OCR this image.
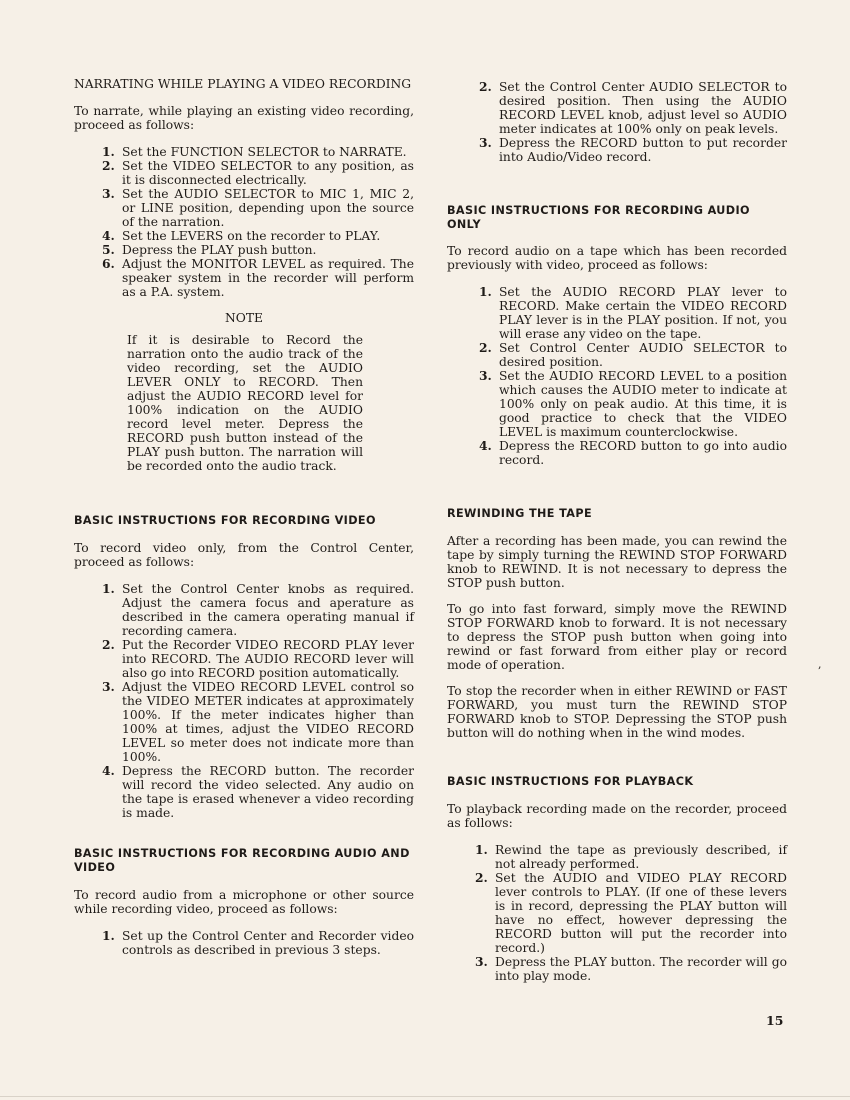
NARRATING WHILE PLAYING A VIDEO RECORDING

To narrate, while playing an existing video recording, proceed as follows:

1. Set the FUNCTION SELECTOR to NARRATE.
2. Set the VIDEO SELECTOR to any position, as it is disconnected electrically.
3. Set the AUDIO SELECTOR to MIC 1, MIC 2, or LINE position, depending upon the source of the narration.
4. Set the LEVERS on the recorder to PLAY.
5. Depress the PLAY push button.
6. Adjust the MONITOR LEVEL as required. The speaker system in the recorder will perform as a P.A. system.
NOTE

If it is desirable to Record the narration onto the audio track of the video recording, set the AUDIO LEVER ONLY to RECORD. Then adjust the AUDIO RECORD level for 100% indication on the AUDIO record level meter. Depress the RECORD push button instead of the PLAY push button. The narration will be recorded onto the audio track.

BASIC INSTRUCTIONS FOR RECORDING VIDEO

To record video only, from the Control Center, proceed as follows:

1. Set the Control Center knobs as required. Adjust the camera focus and aperature as described in the camera operating manual if recording camera.
2. Put the Recorder VIDEO RECORD PLAY lever into RECORD. The AUDIO RECORD lever will also go into RECORD position automatically.
3. Adjust the VIDEO RECORD LEVEL control so the VIDEO METER indicates at approximately 100%. If the meter indicates higher than 100% at times, adjust the VIDEO RECORD LEVEL so meter does not indicate more than 100%.
4. Depress the RECORD button. The recorder will record the video selected. Any audio on the tape is erased whenever a video recording is made.
BASIC INSTRUCTIONS FOR RECORDING AUDIO AND VIDEO

To record audio from a microphone or other source while recording video, proceed as follows:

1. Set up the Control Center and Recorder video controls as described in previous 3 steps.
2. Set the Control Center AUDIO SELECTOR to desired position. Then using the AUDIO RECORD LEVEL knob, adjust level so AUDIO meter indicates at 100% only on peak levels.
3. Depress the RECORD button to put recorder into Audio/Video record.
BASIC INSTRUCTIONS FOR RECORDING AUDIO ONLY

To record audio on a tape which has been recorded previously with video, proceed as follows:

1. Set the AUDIO RECORD PLAY lever to RECORD. Make certain the VIDEO RECORD PLAY lever is in the PLAY position. If not, you will erase any video on the tape.
2. Set Control Center AUDIO SELECTOR to desired position.
3. Set the AUDIO RECORD LEVEL to a position which causes the AUDIO meter to indicate at 100% only on peak audio. At this time, it is good practice to check that the VIDEO LEVEL is maximum counterclockwise.
4. Depress the RECORD button to go into audio record.
REWINDING THE TAPE

After a recording has been made, you can rewind the tape by simply turning the REWIND STOP FORWARD knob to REWIND. It is not necessary to depress the STOP push button.

To go into fast forward, simply move the REWIND STOP FORWARD knob to forward. It is not necessary to depress the STOP push button when going into rewind or fast forward from either play or record mode of operation.

To stop the recorder when in either REWIND or FAST FORWARD, you must turn the REWIND STOP FORWARD knob to STOP. Depressing the STOP push button will do nothing when in the wind modes.

BASIC INSTRUCTIONS FOR PLAYBACK

To playback recording made on the recorder, proceed as follows:

1. Rewind the tape as previously described, if not already performed.
2. Set the AUDIO and VIDEO PLAY RECORD lever controls to PLAY. (If one of these levers is in record, depressing the PLAY button will have no effect, however depressing the RECORD button will put the recorder into record.)
3. Depress the PLAY button. The recorder will go into play mode.
,
15
